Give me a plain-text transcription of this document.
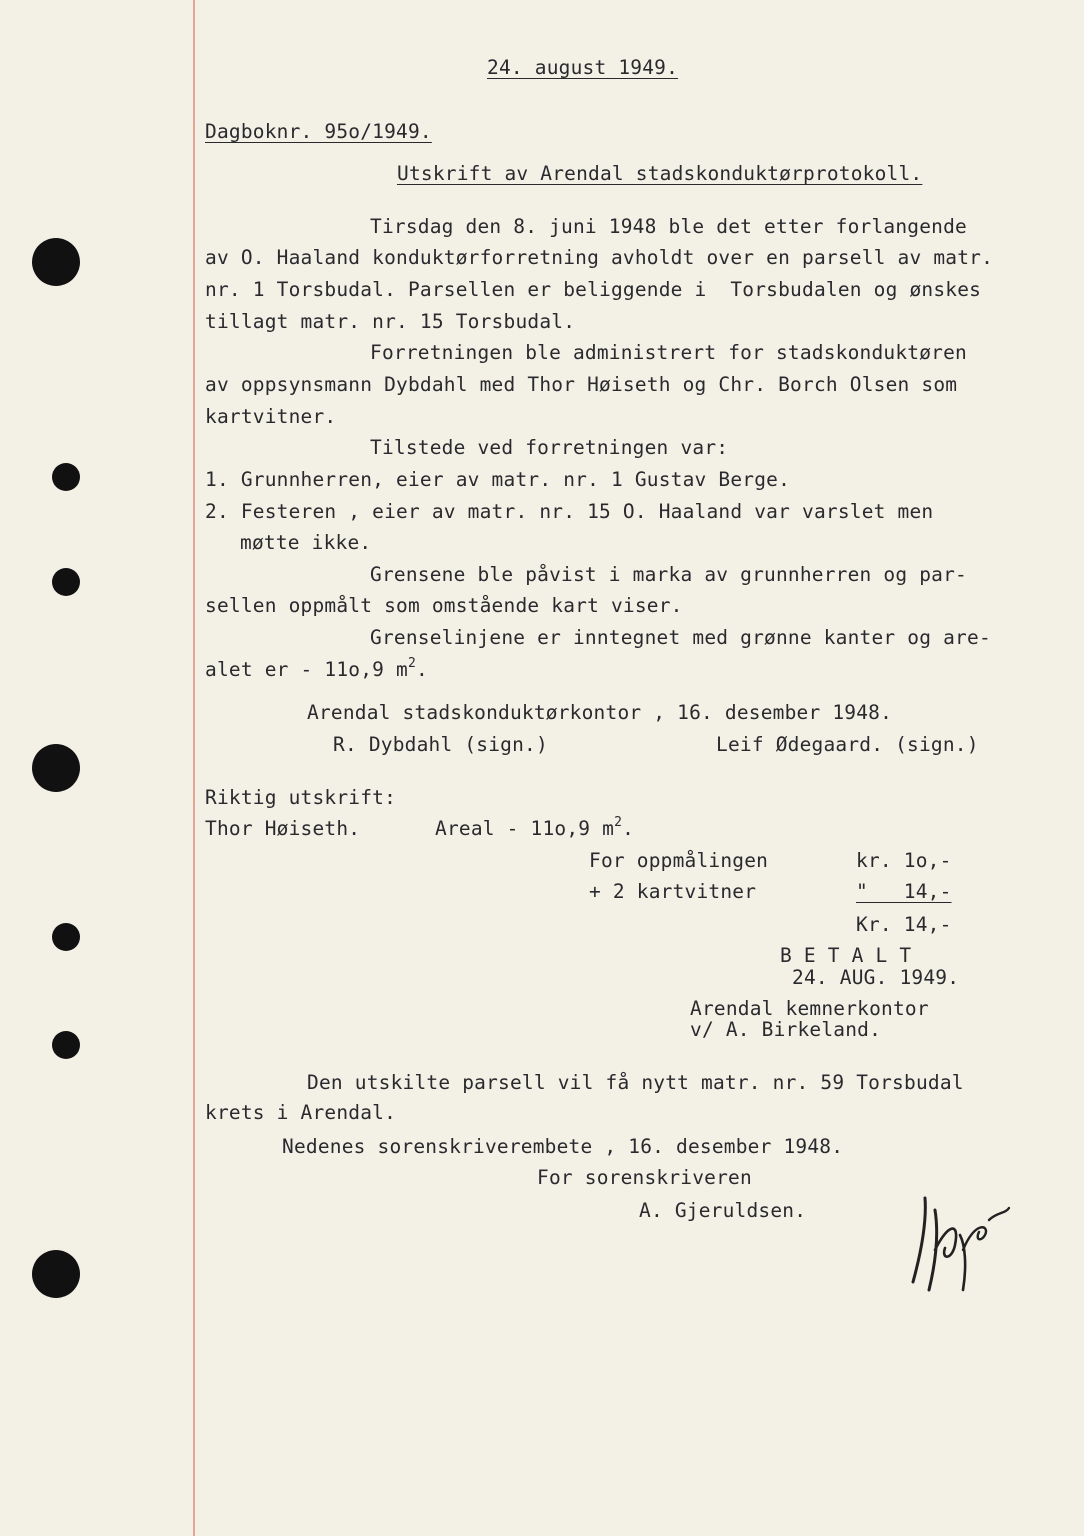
24. august 1949.
Dagboknr. 95o/1949.
Utskrift av Arendal stadskonduktørprotokoll.
Tirsdag den 8. juni 1948 ble det etter forlangende
av O. Haaland konduktørforretning avholdt over en parsell av matr.
nr. 1 Torsbudal. Parsellen er beliggende i  Torsbudalen og ønskes
tillagt matr. nr. 15 Torsbudal.
Forretningen ble administrert for stadskonduktøren
av oppsynsmann Dybdahl med Thor Høiseth og Chr. Borch Olsen som
kartvitner.
Tilstede ved forretningen var:
1. Grunnherren, eier av matr. nr. 1 Gustav Berge.
2. Festeren , eier av matr. nr. 15 O. Haaland var varslet men
møtte ikke.
Grensene ble påvist i marka av grunnherren og par-
sellen oppmålt som omstående kart viser.
Grenselinjene er inntegnet med grønne kanter og are-
alet er - 11o,9 $m^2$.
Arendal stadskonduktørkontor , 16. desember 1948.
R. Dybdahl (sign.)	Leif Ødegaard. (sign.)
Riktig utskrift:
Thor Høiseth.	Areal - 11o,9 $m^2$.
For oppmålingen	kr. 1o,-
+ 2 kartvitner	"   14,-
Kr. 14,-
B E T A L T
24. AUG. 1949.
Arendal kemnerkontor
v/ A. Birkeland.
Den utskilte parsell vil få nytt matr. nr. 59 Torsbudal
krets i Arendal.
Nedenes sorenskriverembete , 16. desember 1948.
For sorenskriveren
A. Gjeruldsen.
